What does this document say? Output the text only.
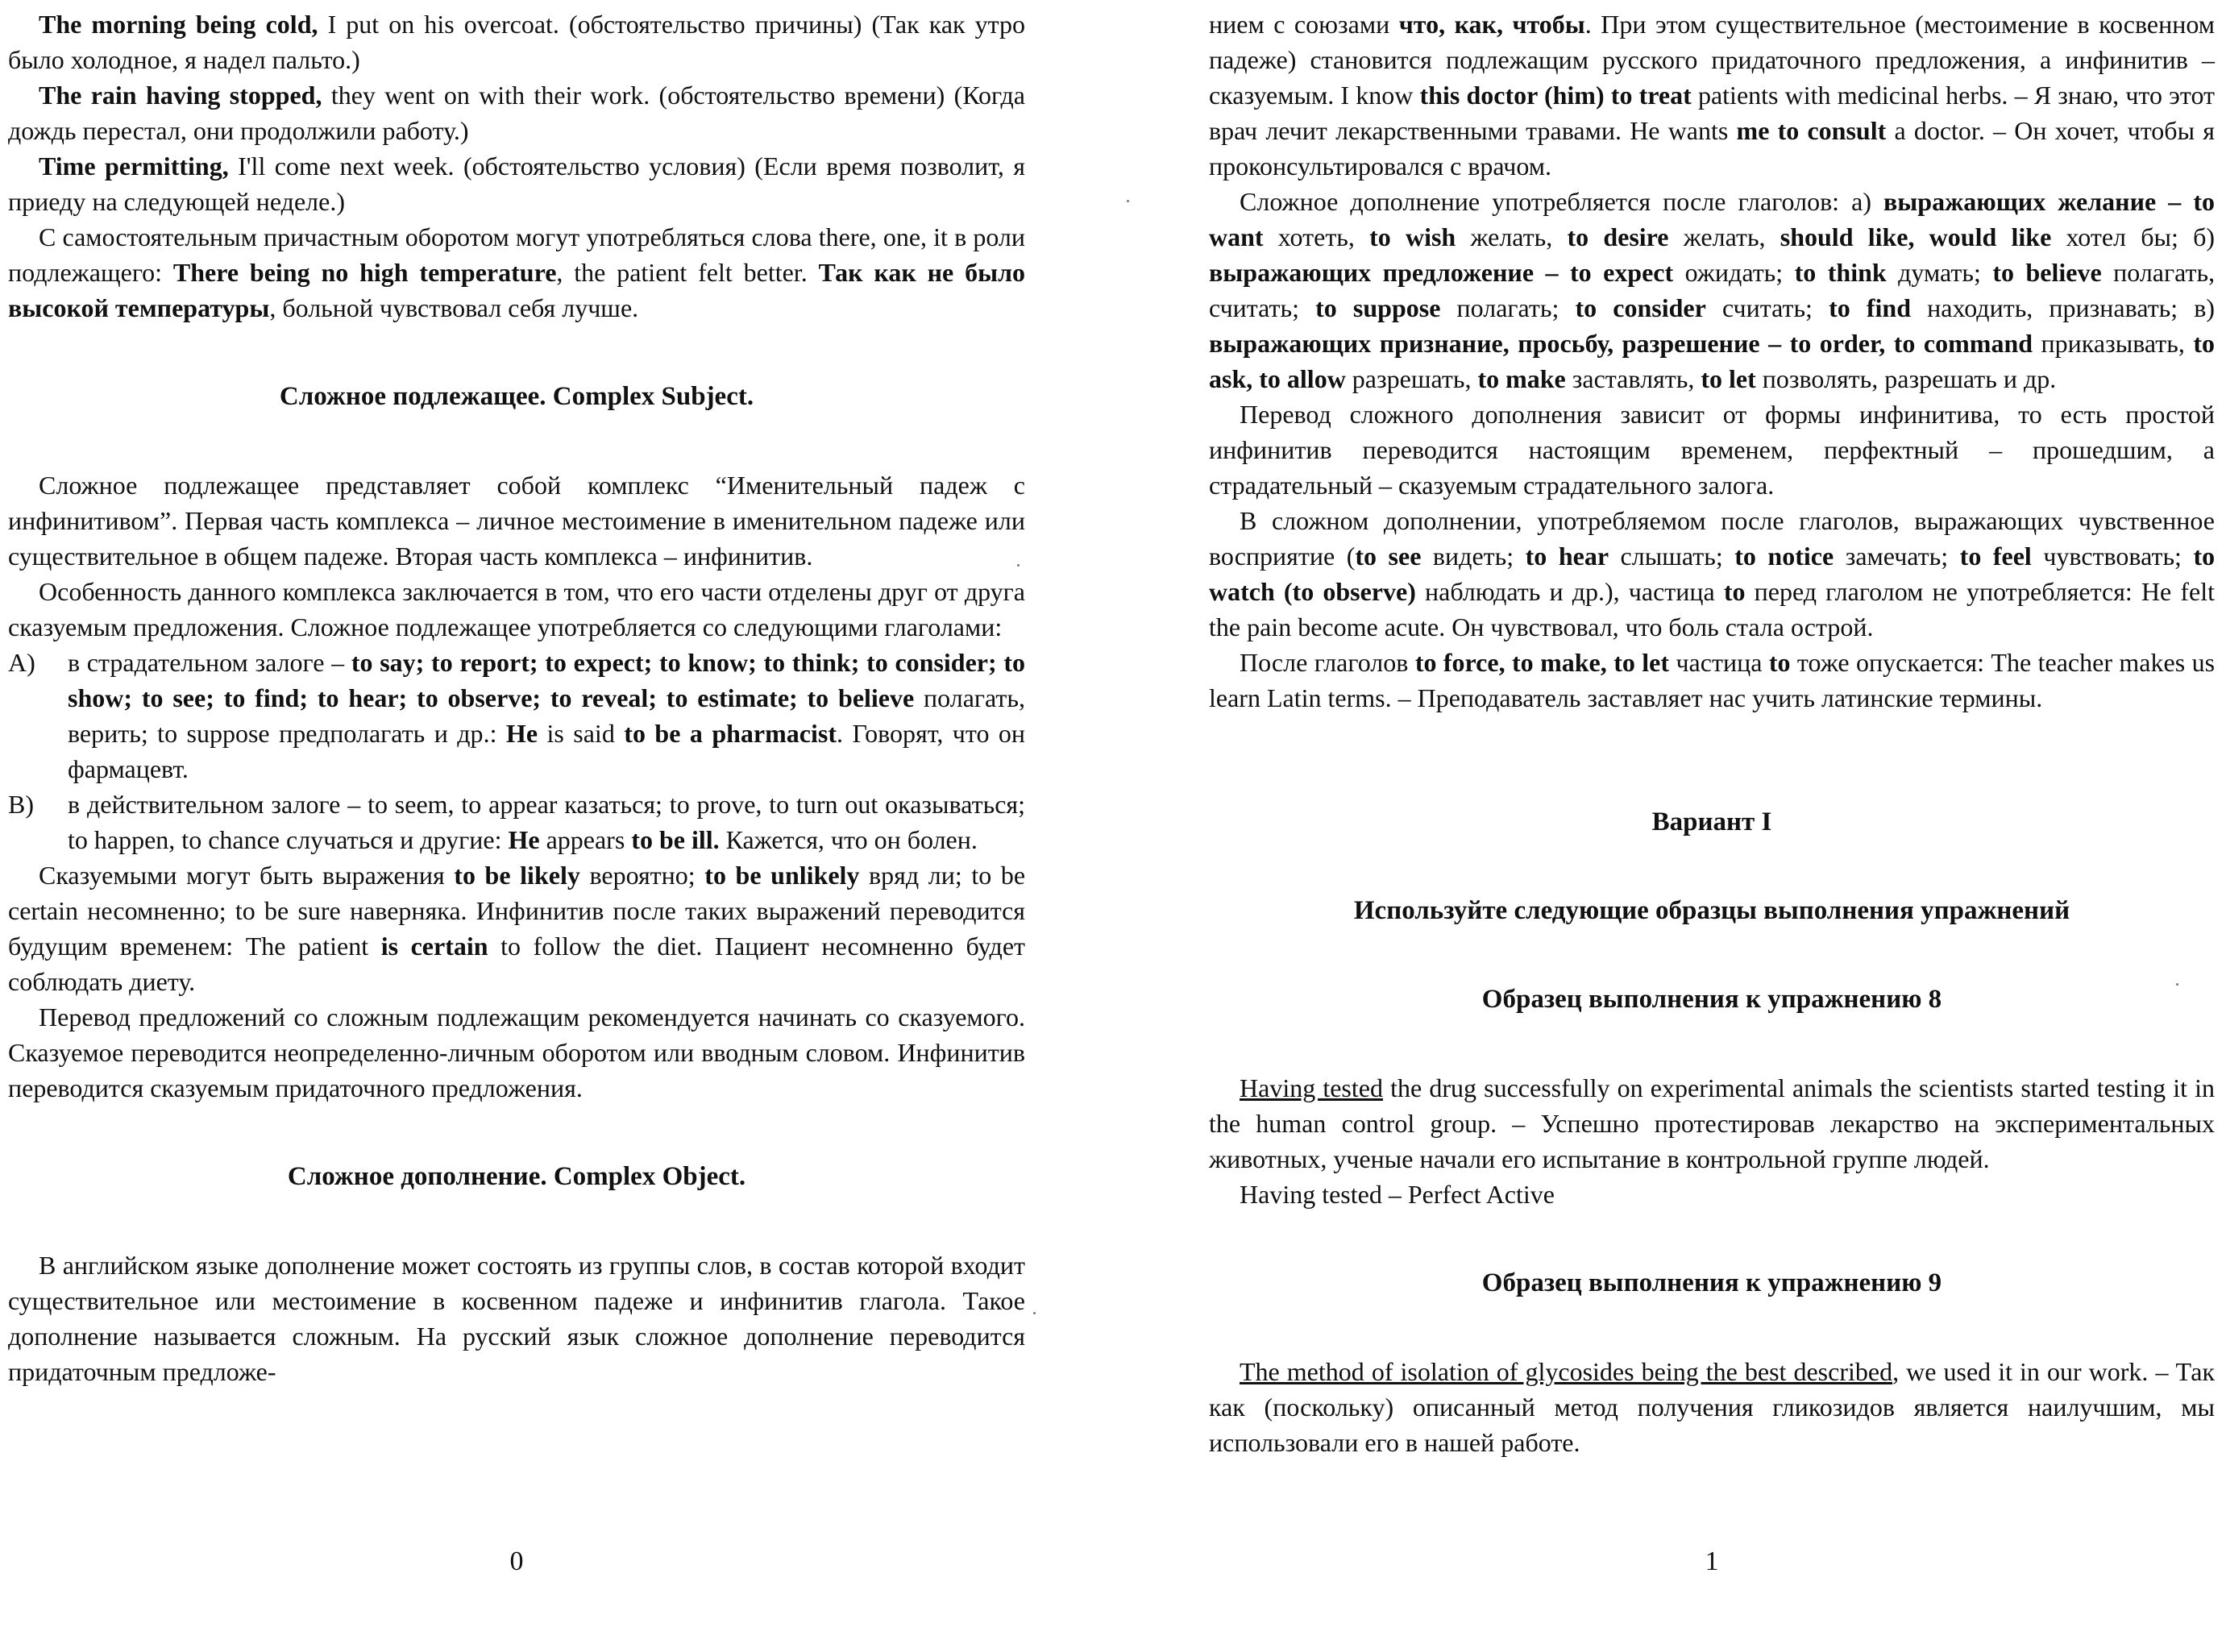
The morning being cold, I put on his overcoat. (обстоятельство причины) (Так как утро было холодное, я надел пальто.)

The rain having stopped, they went on with their work. (обстоятельство времени) (Когда дождь перестал, они продолжили работу.)

Time permitting, I'll come next week. (обстоятельство условия) (Если время позволит, я приеду на следующей неделе.)

С самостоятельным причастным оборотом могут употребляться слова there, one, it в роли подлежащего: There being no high temperature, the patient felt better. Так как не было высокой температуры, больной чувствовал себя лучше.

Сложное подлежащее. Complex Subject.

Сложное подлежащее представляет собой комплекс “Именительный падеж с инфинитивом”. Первая часть комплекса – личное местоимение в именительном падеже или существительное в общем падеже. Вторая часть комплекса – инфинитив.

Особенность данного комплекса заключается в том, что его части отделены друг от друга сказуемым предложения. Сложное подлежащее употребляется со следующими глаголами:

A)	в страдательном залоге – to say; to report; to expect; to know; to think; to consider; to show; to see; to find; to hear; to observe; to reveal; to estimate; to believe полагать, верить; to suppose предполагать и др.: He is said to be a pharmacist. Говорят, что он фармацевт.
B)	в действительном залоге – to seem, to appear казаться; to prove, to turn out оказываться; to happen, to chance случаться и другие: He appears to be ill. Кажется, что он болен.

Сказуемыми могут быть выражения to be likely вероятно; to be unlikely вряд ли; to be certain несомненно; to be sure наверняка. Инфинитив после таких выражений переводится будущим временем: The patient is certain to follow the diet. Пациент несомненно будет соблюдать диету.

Перевод предложений со сложным подлежащим рекомендуется начинать со сказуемого. Сказуемое переводится неопределенно-личным оборотом или вводным словом. Инфинитив переводится сказуемым придаточного предложения.

Сложное дополнение. Complex Object.

В английском языке дополнение может состоять из группы слов, в состав которой входит существительное или местоимение в косвенном падеже и инфинитив глагола. Такое дополнение называется сложным. На русский язык сложное дополнение переводится придаточным предложе-

0

нием с союзами что, как, чтобы. При этом существительное (местоимение в косвенном падеже) становится подлежащим русского придаточного предложения, а инфинитив – сказуемым. I know this doctor (him) to treat patients with medicinal herbs. – Я знаю, что этот врач лечит лекарственными травами. He wants me to consult a doctor. – Он хочет, чтобы я проконсультировался с врачом.

Сложное дополнение употребляется после глаголов: а) выражающих желание – to want хотеть, to wish желать, to desire желать, should like, would like хотел бы; б) выражающих предложение – to expect ожидать; to think думать; to believe полагать, считать; to suppose полагать; to consider считать; to find находить, признавать; в) выражающих признание, просьбу, разрешение – to order, to command приказывать, to ask, to allow разрешать, to make заставлять, to let позволять, разрешать и др.

Перевод сложного дополнения зависит от формы инфинитива, то есть простой инфинитив переводится настоящим временем, перфектный – прошедшим, а страдательный – сказуемым страдательного залога.

В сложном дополнении, употребляемом после глаголов, выражающих чувственное восприятие (to see видеть; to hear слышать; to notice замечать; to feel чувствовать; to watch (to observe) наблюдать и др.), частица to перед глаголом не употребляется: He felt the pain become acute. Он чувствовал, что боль стала острой.

После глаголов to force, to make, to let частица to тоже опускается: The teacher makes us learn Latin terms. – Преподаватель заставляет нас учить латинские термины.

Вариант I
Используйте следующие образцы выполнения упражнений
Образец выполнения к упражнению 8

Having tested the drug successfully on experimental animals the scientists started testing it in the human control group. – Успешно протестировав лекарство на экспериментальных животных, ученые начали его испытание в контрольной группе людей.

Having tested – Perfect Active

Образец выполнения к упражнению 9

The method of isolation of glycosides being the best described, we used it in our work. – Так как (поскольку) описанный метод получения гликозидов является наилучшим, мы использовали его в нашей работе.

1
